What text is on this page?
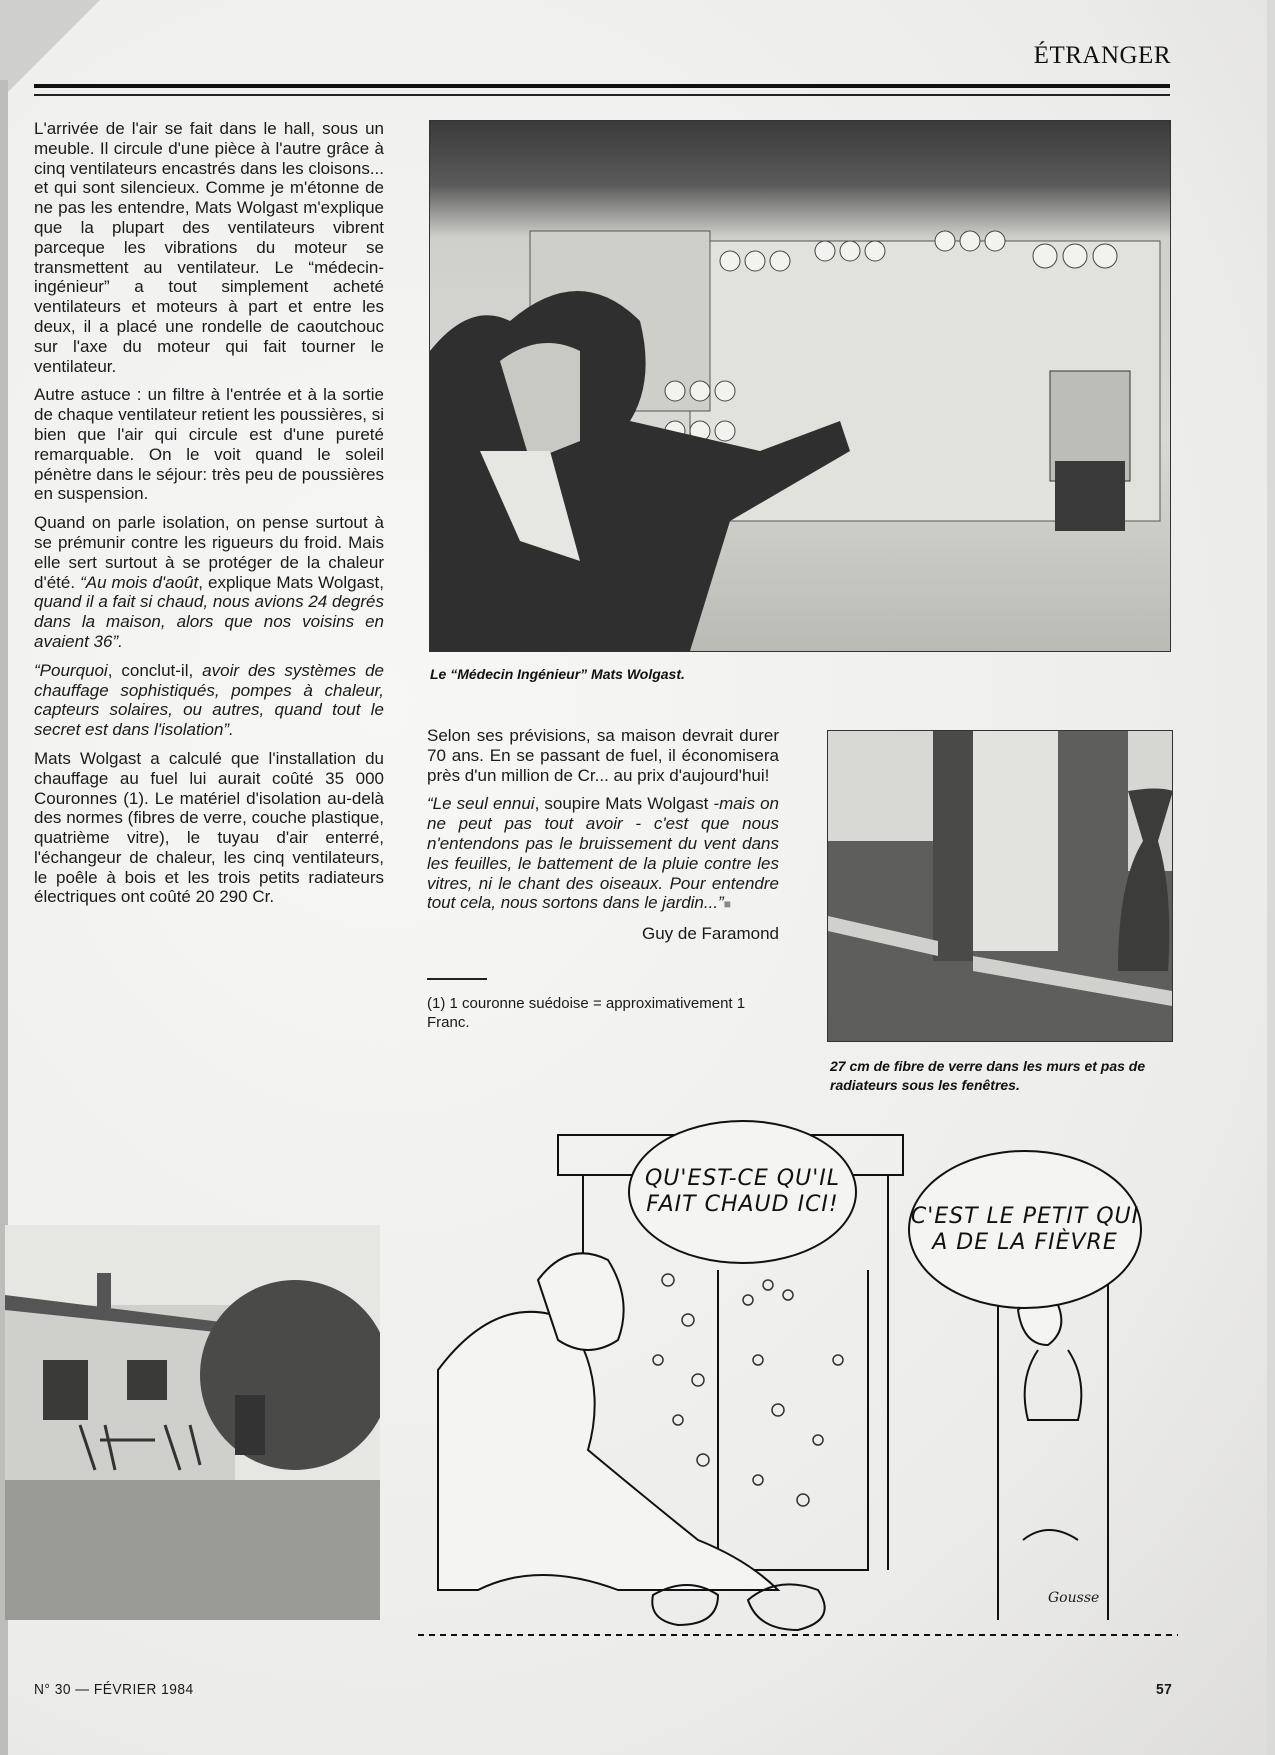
ÉTRANGER

L'arrivée de l'air se fait dans le hall, sous un meuble. Il circule d'une pièce à l'autre grâce à cinq ventilateurs encastrés dans les cloisons... et qui sont silencieux. Comme je m'étonne de ne pas les entendre, Mats Wolgast m'explique que la plupart des ventilateurs vibrent parceque les vibrations du moteur se transmettent au ventilateur. Le “médecin-ingénieur” a tout simplement acheté ventilateurs et moteurs à part et entre les deux, il a placé une rondelle de caoutchouc sur l'axe du moteur qui fait tourner le ventilateur.

Autre astuce : un filtre à l'entrée et à la sortie de chaque ventilateur retient les poussières, si bien que l'air qui circule est d'une pureté remarquable. On le voit quand le soleil pénètre dans le séjour: très peu de poussières en suspension.

Quand on parle isolation, on pense surtout à se prémunir contre les rigueurs du froid. Mais elle sert surtout à se protéger de la chaleur d'été. “Au mois d'août, explique Mats Wolgast, quand il a fait si chaud, nous avions 24 degrés dans la maison, alors que nos voisins en avaient 36”.

“Pourquoi, conclut-il, avoir des systèmes de chauffage sophistiqués, pompes à chaleur, capteurs solaires, ou autres, quand tout le secret est dans l'isolation”.

Mats Wolgast a calculé que l'installation du chauffage au fuel lui aurait coûté 35 000 Couronnes (1). Le matériel d'isolation au-delà des normes (fibres de verre, couche plastique, quatrième vitre), le tuyau d'air enterré, l'échangeur de chaleur, les cinq ventilateurs, le poêle à bois et les trois petits radiateurs électriques ont coûté 20 290 Cr.

Le “Médecin Ingénieur” Mats Wolgast.

Selon ses prévisions, sa maison devrait durer 70 ans. En se passant de fuel, il économisera près d'un million de Cr... au prix d'aujourd'hui!

“Le seul ennui, soupire Mats Wolgast -mais on ne peut pas tout avoir - c'est que nous n'entendons pas le bruissement du vent dans les feuilles, le battement de la pluie contre les vitres, ni le chant des oiseaux. Pour entendre tout cela, nous sortons dans le jardin...”■

Guy de Faramond
(1) 1 couronne suédoise = approximativement 1 Franc.
27 cm de fibre de verre dans les murs et pas de radiateurs sous les fenêtres.
QU'EST-CE QU'IL FAIT CHAUD ICI!	C'EST LE PETIT QUI A DE LA FIÈVRE
Gousse
N° 30 — FÉVRIER 1984	57
